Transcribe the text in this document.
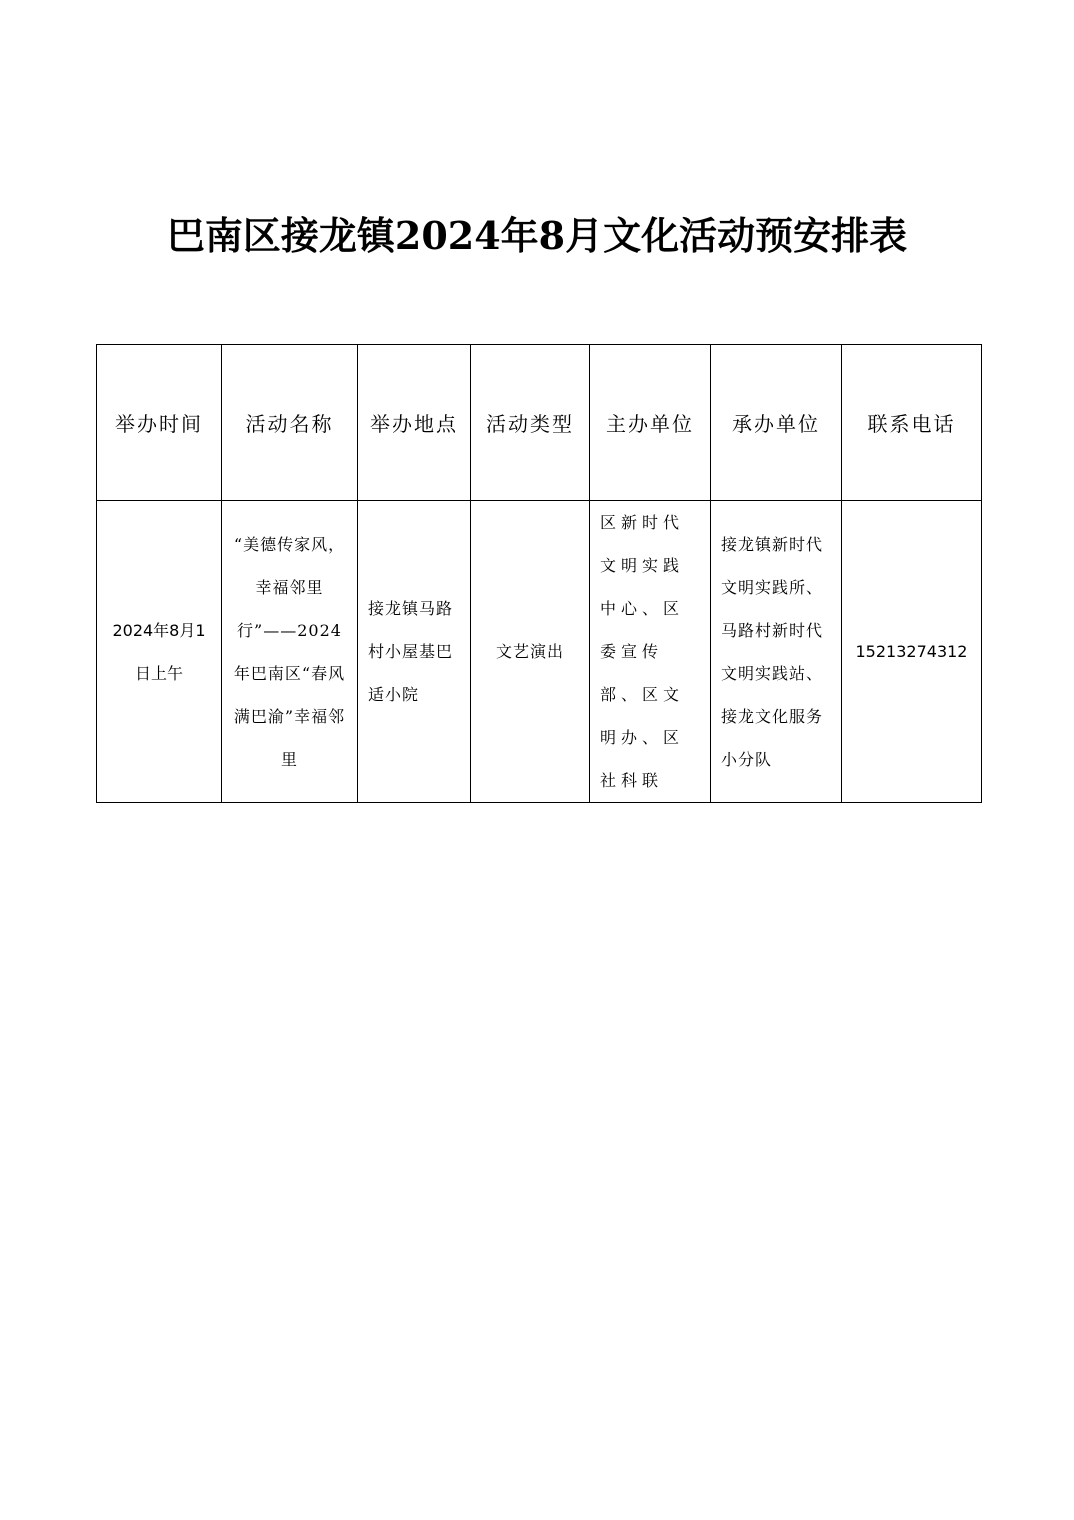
巴南区接龙镇2024年8月文化活动预安排表
举办时间	活动名称	举办地点	活动类型	主办单位	承办单位	联系电话
2024年8月1日上午	“美德传家风，幸福邻里行”——2024年巴南区“春风满巴渝”幸福邻里	接龙镇马路村小屋基巴适小院	文艺演出	区新时代文明实践中心、区委宣传部、区文明办、区社科联	接龙镇新时代文明实践所、马路村新时代文明实践站、接龙文化服务小分队	15213274312
